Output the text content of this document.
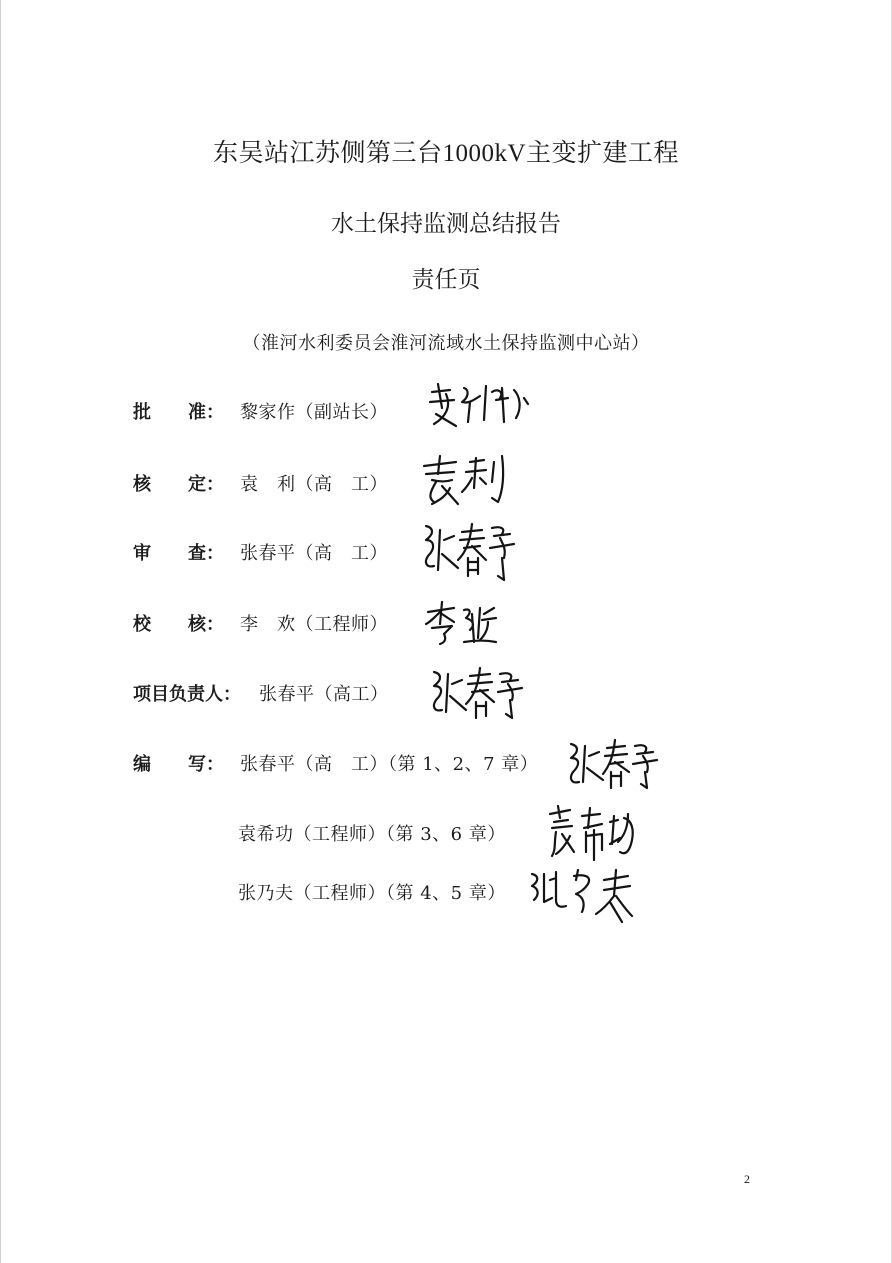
东吴站江苏侧第三台1000kV主变扩建工程
水土保持监测总结报告
责任页
（淮河水利委员会淮河流域水土保持监测中心站）
批 准： 黎家作（副站长）
核 定： 袁　利（高　工）
审 查： 张春平（高　工）
校 核： 李　欢（工程师）
项目负责人： 张春平（高工）
编 写： 张春平（高　工）（第 1、2、7 章）
袁希功（工程师）（第 3、6 章）
张乃夫（工程师）（第 4、5 章）
2
